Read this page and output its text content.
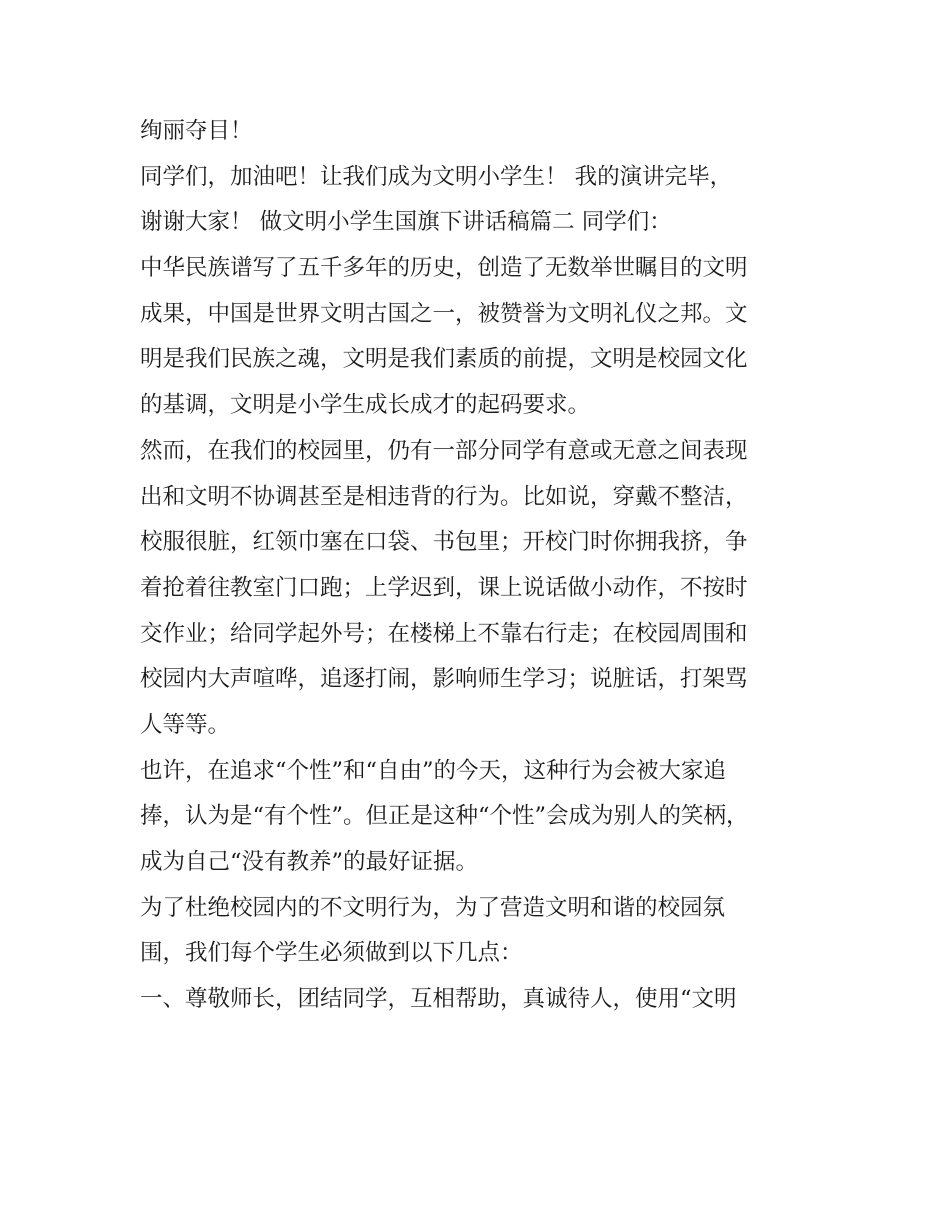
绚丽夺目！
同学们，加油吧！让我们成为文明小学生！ 我的演讲完毕，
谢谢大家！ 做文明小学生国旗下讲话稿篇二 同学们：
中华民族谱写了五千多年的历史，创造了无数举世瞩目的文明
成果，中国是世界文明古国之一，被赞誉为文明礼仪之邦。文
明是我们民族之魂，文明是我们素质的前提，文明是校园文化
的基调，文明是小学生成长成才的起码要求。
然而，在我们的校园里，仍有一部分同学有意或无意之间表现
出和文明不协调甚至是相违背的行为。比如说，穿戴不整洁，
校服很脏，红领巾塞在口袋、书包里；开校门时你拥我挤，争
着抢着往教室门口跑；上学迟到，课上说话做小动作，不按时
交作业；给同学起外号；在楼梯上不靠右行走；在校园周围和
校园内大声喧哗，追逐打闹，影响师生学习；说脏话，打架骂
人等等。
也许，在追求“个性”和“自由”的今天，这种行为会被大家追
捧，认为是“有个性”。但正是这种“个性”会成为别人的笑柄，
成为自己“没有教养”的最好证据。
为了杜绝校园内的不文明行为，为了营造文明和谐的校园氛
围，我们每个学生必须做到以下几点：
一、尊敬师长，团结同学，互相帮助，真诚待人，使用“文明
